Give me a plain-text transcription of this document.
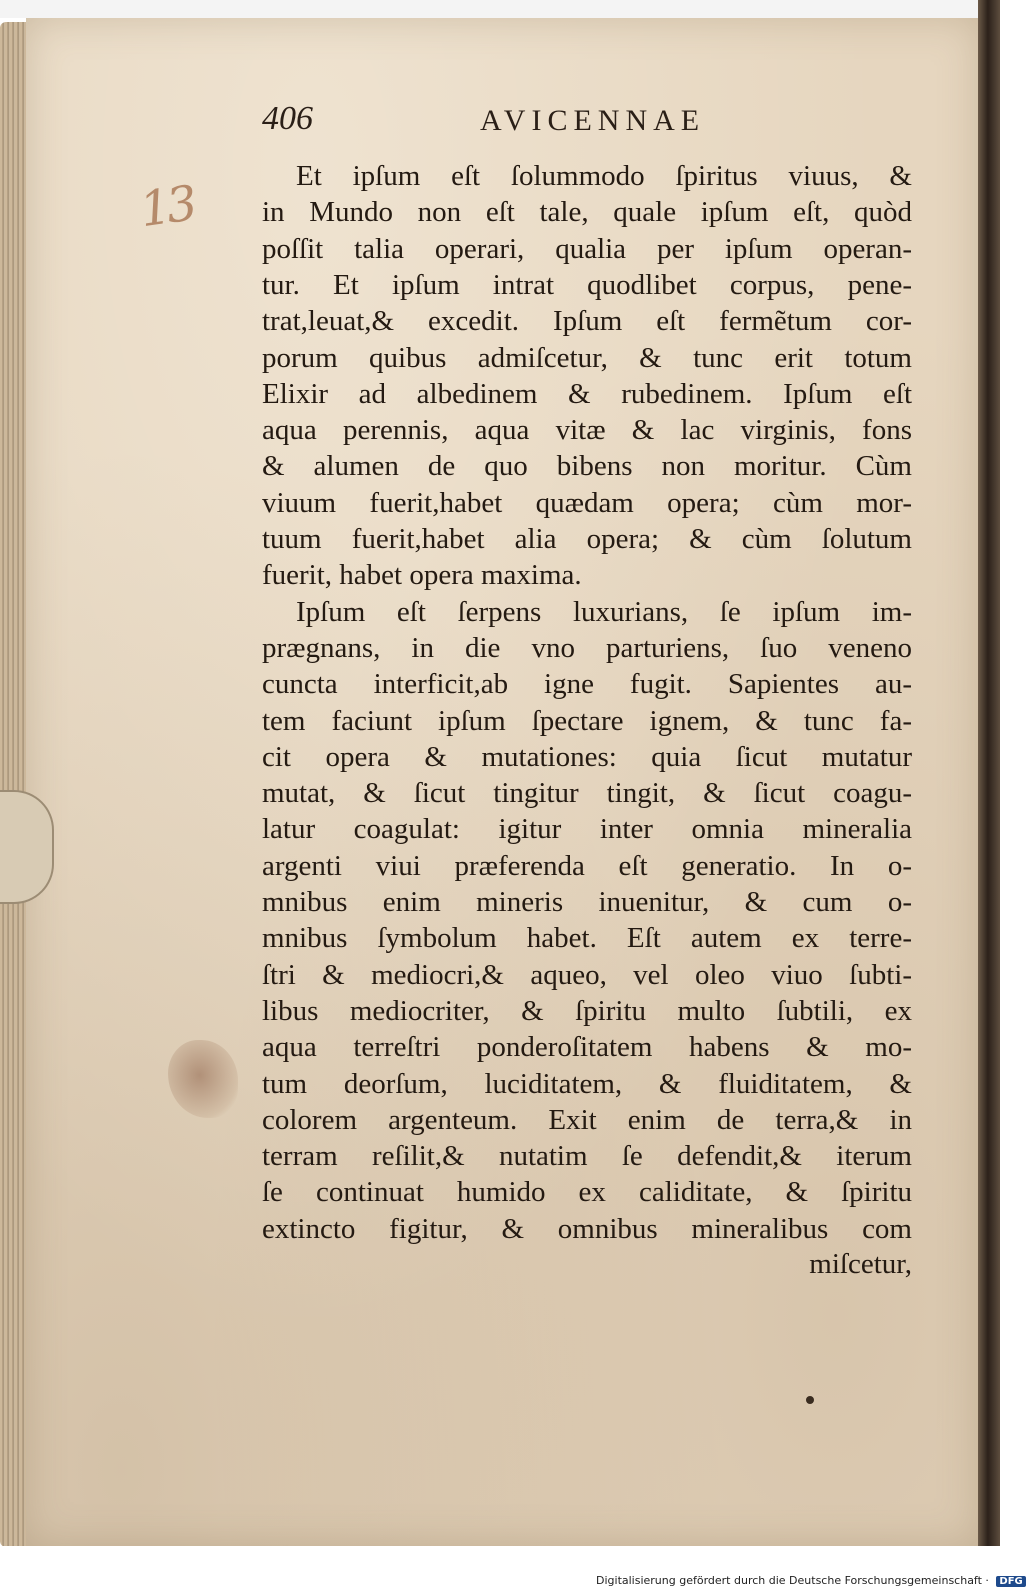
13
406	AVICENNAE
Et ipſum eſt ſolummodo ſpiritus viuus, &
in Mundo non eſt tale, quale ipſum eſt, quòd
poſſit talia operari, qualia per ipſum operan-
tur. Et ipſum intrat quodlibet corpus, pene-
trat,leuat,& excedit. Ipſum eſt fermẽtum cor-
porum quibus admiſcetur, & tunc erit totum
Elixir ad albedinem & rubedinem. Ipſum eſt
aqua perennis, aqua vitæ & lac virginis, fons
& alumen de quo bibens non moritur. Cùm
viuum fuerit,habet quædam opera; cùm mor-
tuum fuerit,habet alia opera; & cùm ſolutum
fuerit, habet opera maxima.
Ipſum eſt ſerpens luxurians, ſe ipſum im-
prægnans, in die vno parturiens, ſuo veneno
cuncta interficit,ab igne fugit. Sapientes au-
tem faciunt ipſum ſpectare ignem, & tunc fa-
cit opera & mutationes: quia ſicut mutatur
mutat, & ſicut tingitur tingit, & ſicut coagu-
latur coagulat: igitur inter omnia mineralia
argenti viui præferenda eſt generatio. In o-
mnibus enim mineris inuenitur, & cum o-
mnibus ſymbolum habet. Eſt autem ex terre-
ſtri & mediocri,& aqueo, vel oleo viuo ſubti-
libus mediocriter, & ſpiritu multo ſubtili, ex
aqua terreſtri ponderoſitatem habens & mo-
tum deorſum, luciditatem, & fluiditatem, &
colorem argenteum. Exit enim de terra,& in
terram reſilit,& nutatim ſe defendit,& iterum
ſe continuat humido ex caliditate, & ſpiritu
extincto figitur, & omnibus mineralibus com
miſcetur,
Digitalisierung gefördert durch die Deutsche Forschungsgemeinschaft · DFG
